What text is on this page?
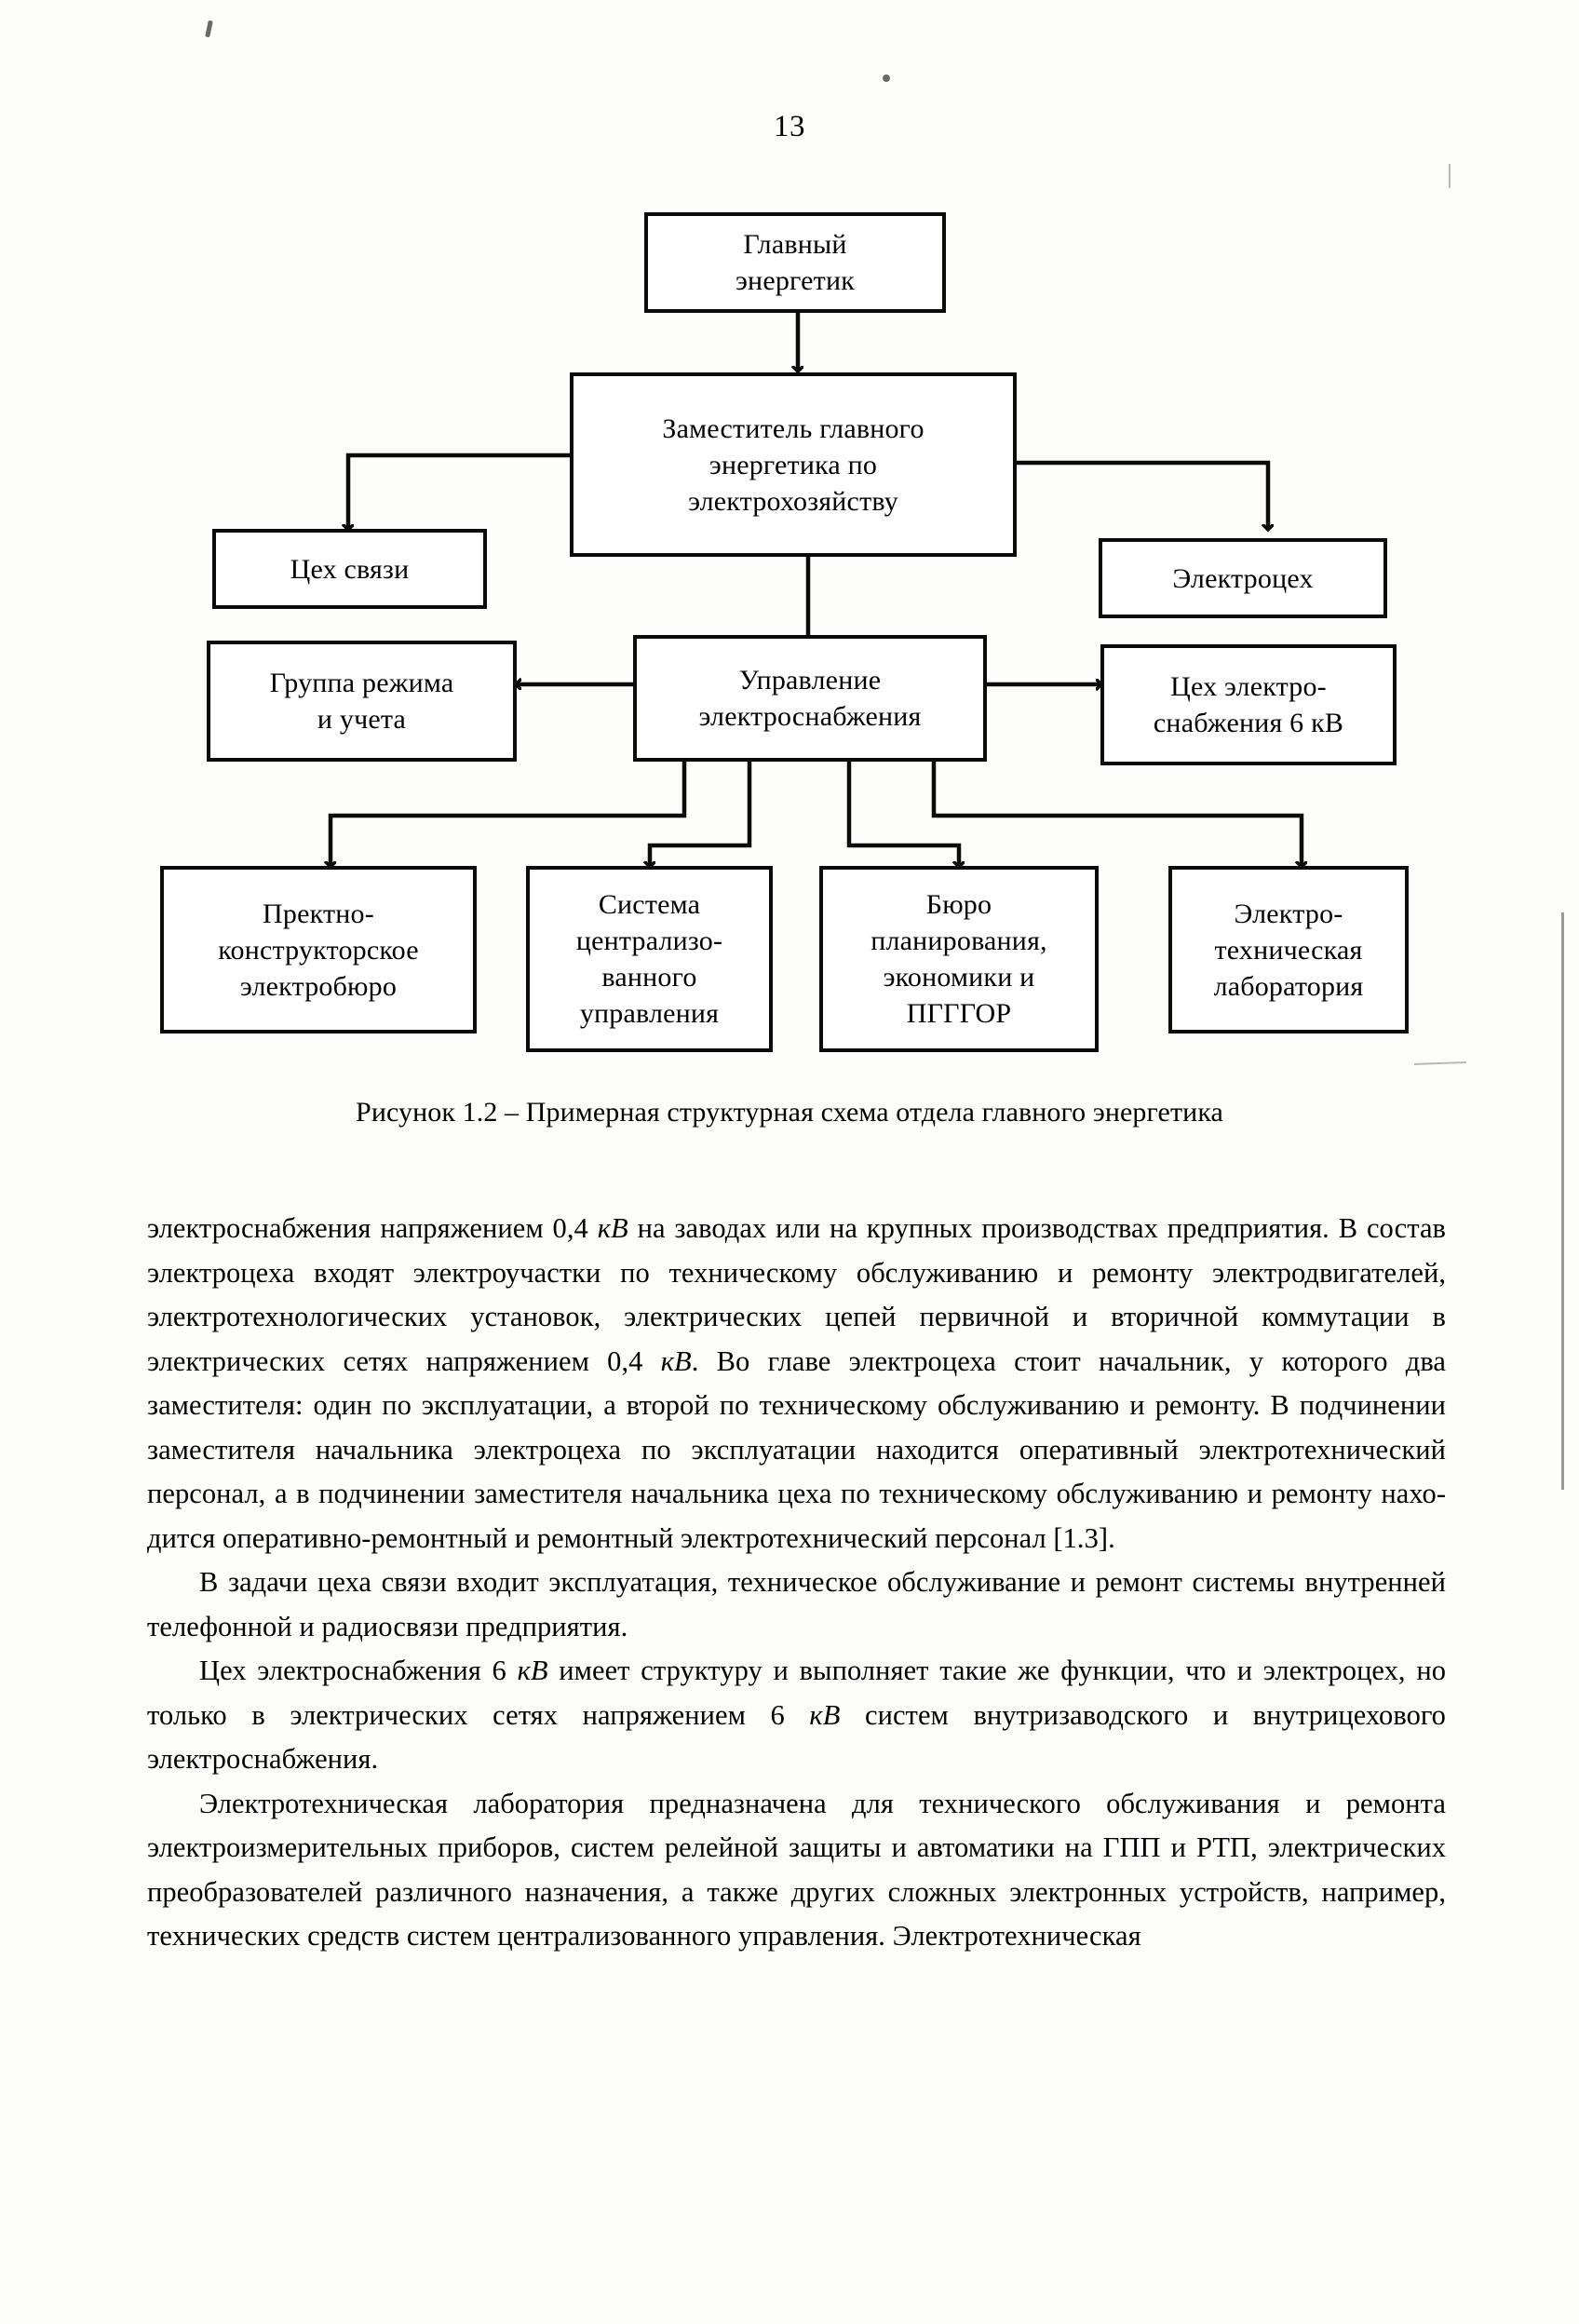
13
Главный
энергетик
Заместитель главного
энергетика по
электрохозяйству
Цех связи	Электроцех
Группа режима
и учета
Управление
электроснабжения
Цех электро-
снабжения 6 кВ
Пректно-
конструкторское
электробюро
Система
централизо-
ванного
управления
Бюро
планирования,
экономики и
ПГГГОР
Электро-
техническая
лаборатория
Рисунок 1.2 – Примерная структурная схема отдела главного энергетика

электроснабжения напряжением 0,4 кВ на заводах или на крупных производствах предприятия. В состав электроцеха входят электроучастки по техническому обслуживанию и ремонту электродвигателей, электротехнологических установок, электрических цепей первичной и вторичной коммутации в электрических сетях напряжением 0,4 кВ. Во главе электроцеха стоит начальник, у которого два заместителя: один по эксплуатации, а второй по техническому обслуживанию и ремонту. В подчинении заместителя начальника электроцеха по эксплуатации находится оперативный электротехнический персонал, а в подчинении заместителя начальника цеха по техническому обслуживанию и ремонту находится оперативно-ремонтный и ремонтный электротехнический персонал [1.3].

В задачи цеха связи входит эксплуатация, техническое обслуживание и ремонт системы внутренней телефонной и радиосвязи предприятия.

Цех электроснабжения 6 кВ имеет структуру и выполняет такие же функции, что и электроцех, но только в электрических сетях напряжением 6 кВ систем внутризаводского и внутрицехового электроснабжения.

Электротехническая лаборатория предназначена для технического обслуживания и ремонта электроизмерительных приборов, систем релейной защиты и автоматики на ГПП и РТП, электрических преобразователей различного назначения, а также других сложных электронных устройств, например, технических средств систем централизованного управления. Электротехническая
